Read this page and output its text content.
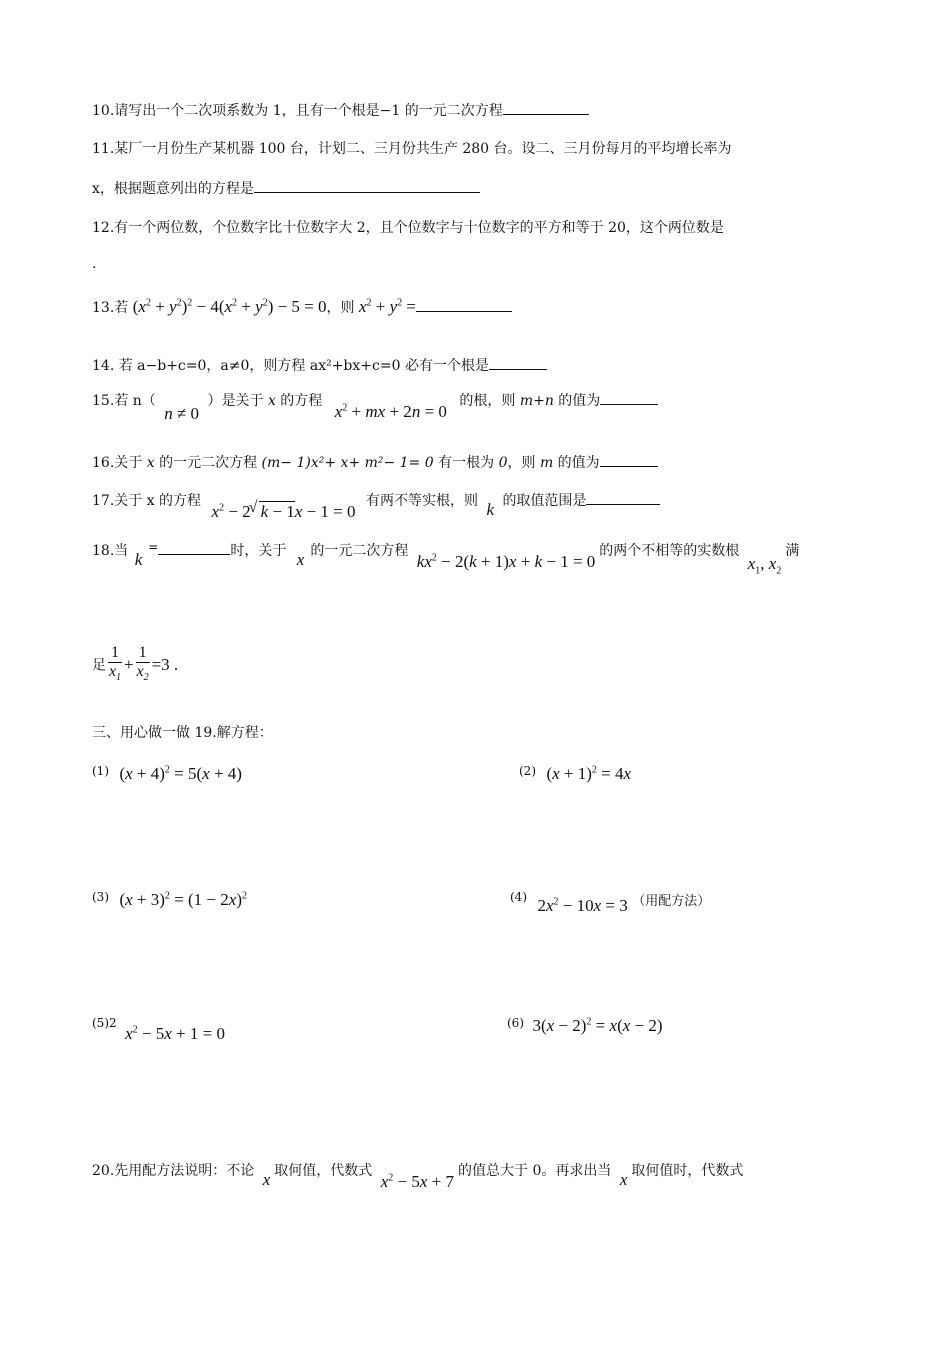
10.请写出一个二次项系数为 1，且有一个根是−1 的一元二次方程
11.某厂一月份生产某机器 100 台，计划二、三月份共生产 280 台。设二、三月份每月的平均增长率为
x，根据题意列出的方程是
12.有一个两位数，个位数字比十位数字大 2，且个位数字与十位数字的平方和等于 20，这个两位数是
.
13.若 $(x^2 + y^2)^2 - 4(x^2 + y^2) - 5 = 0$，则 $x^2 + y^2$ =
14. 若 a−b+c=0，a≠0，则方程 ax²+bx+c=0 必有一个根是
15.若 n（ n ≠ 0 ）是关于 x 的方程 $x^2$ + mx + 2n = 0 的根，则 m+n 的值为
16.关于 x 的一元二次方程 (m− 1)x²+ x+ m²− 1= 0 有一根为 0，则 m 的值为
17.关于 x 的方程 $x^2 - 2√$ k − 1x − 1 = 0 有两不等实根，则 k 的取值范围是
18.当 k=	时，关于 x 的一元二次方程 $kx^2 - 2(k + 1)x + k - 1 = 0$的两个不相等的实数根 $x_1$, $x_2$满
足 $\frac{1}{x_1} + \frac{1}{x_2} =3$ .
三、用心做一做 19.解方程：
(1) $(x + 4)^2 = 5(x + 4)$	(2) $(x + 1)^2 = 4x$
(3) $(x + 3)^2 = (1 - 2x)^2$	(4) $2x^2 - 10x = 3$ （用配方法）
(5)2 $x^2 - 5x + 1 = 0$
(6) $3(x - 2)^2 = x(x - 2)$
20.先用配方法说明：不论 x 取何值，代数式 $x^2 - 5x + 7$的值总大于 0。再求出当 x 取何值时，代数式
